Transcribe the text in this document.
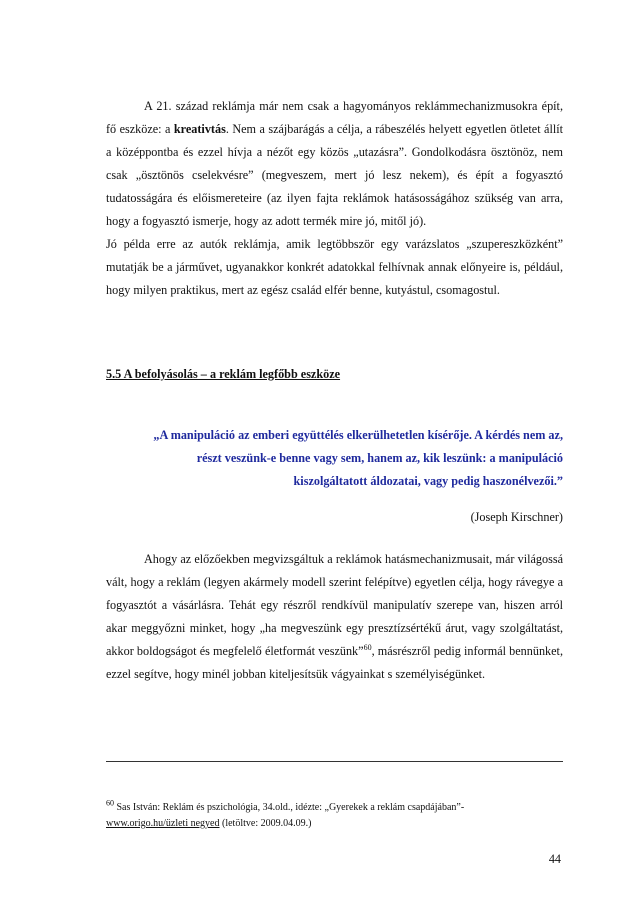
A 21. század reklámja már nem csak a hagyományos reklámmechanizmusokra épít, fő eszköze: a kreativtás. Nem a szájbarágás a célja, a rábeszélés helyett egyetlen ötletet állít a középpontba és ezzel hívja a nézőt egy közös „utazásra”. Gondolkodásra ösztönöz, nem csak „ösztönös cselekvésre” (megveszem, mert jó lesz nekem), és épít a fogyasztó tudatosságára és előismereteire (az ilyen fajta reklámok hatásosságához szükség van arra, hogy a fogyasztó ismerje, hogy az adott termék mire jó, mitől jó).

Jó példa erre az autók reklámja, amik legtöbbször egy varázslatos „szupereszközként” mutatják be a járművet, ugyanakkor konkrét adatokkal felhívnak annak előnyeire is, például, hogy milyen praktikus, mert az egész család elfér benne, kutyástul, csomagostul.

5.5 A befolyásolás – a reklám legfőbb eszköze

„A manipuláció az emberi együttélés elkerülhetetlen kísérője. A kérdés nem az,
részt veszünk-e benne vagy sem, hanem az, kik leszünk: a manipuláció
kiszolgáltatott áldozatai, vagy pedig haszonélvezői.”

(Joseph Kirschner)

Ahogy az előzőekben megvizsgáltuk a reklámok hatásmechanizmusait, már világossá vált, hogy a reklám (legyen akármely modell szerint felépítve) egyetlen célja, hogy rávegye a fogyasztót a vásárlásra. Tehát egy részről rendkívül manipulatív szerepe van, hiszen arról akar meggyőzni minket, hogy „ha megveszünk egy presztízsértékű árut, vagy szolgáltatást, akkor boldogságot és megfelelő életformát veszünk”$^{60}$, másrészről pedig informál bennünket, ezzel segítve, hogy minél jobban kiteljesítsük vágyainkat s személyiségünket.

$^{60}$ Sas István: Reklám és pszichológia, 34.old., idézte: „Gyerekek a reklám csapdájában”-
www.origo.hu/üzleti negyed (letöltve: 2009.04.09.)

44
